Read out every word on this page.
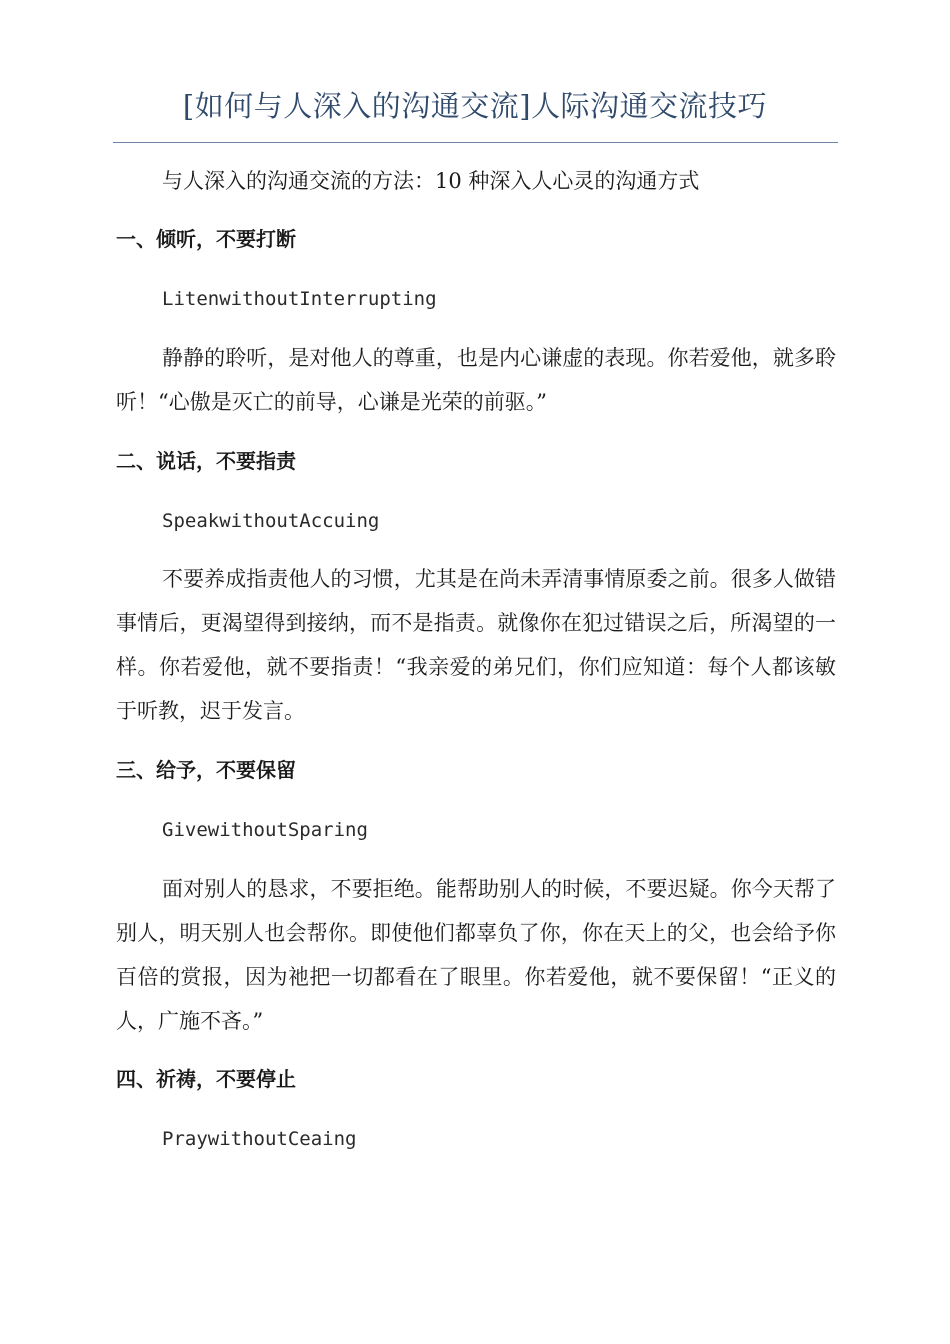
[如何与人深入的沟通交流]人际沟通交流技巧
与人深入的沟通交流的方法：10 种深入人心灵的沟通方式
一、倾听，不要打断
LitenwithoutInterrupting
静静的聆听，是对他人的尊重，也是内心谦虚的表现。你若爱他，就多聆听！“心傲是灭亡的前导，心谦是光荣的前驱。”
二、说话，不要指责
SpeakwithoutAccuing
不要养成指责他人的习惯，尤其是在尚未弄清事情原委之前。很多人做错事情后，更渴望得到接纳，而不是指责。就像你在犯过错误之后，所渴望的一样。你若爱他，就不要指责！“我亲爱的弟兄们，你们应知道：每个人都该敏于听教，迟于发言。
三、给予，不要保留
GivewithoutSparing
面对别人的恳求，不要拒绝。能帮助别人的时候，不要迟疑。你今天帮了别人，明天别人也会帮你。即使他们都辜负了你，你在天上的父，也会给予你百倍的赏报，因为祂把一切都看在了眼里。你若爱他，就不要保留！“正义的人，广施不吝。”
四、祈祷，不要停止
PraywithoutCeaing
